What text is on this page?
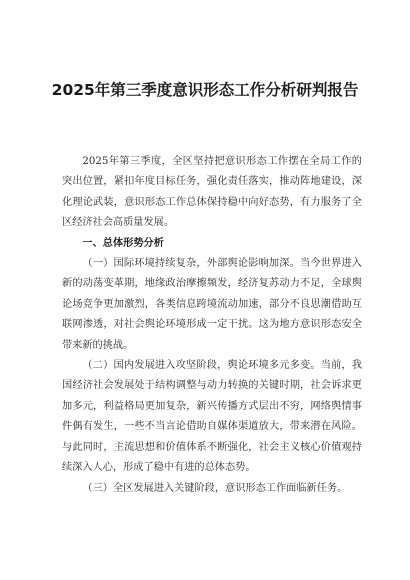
2025年第三季度意识形态工作分析研判报告

2025年第三季度，全区坚持把意识形态工作摆在全局工作的突出位置，紧扣年度目标任务，强化责任落实，推动阵地建设，深化理论武装，意识形态工作总体保持稳中向好态势，有力服务了全区经济社会高质量发展。

一、总体形势分析

（一）国际环境持续复杂，外部舆论影响加深。当今世界进入新的动荡变革期，地缘政治摩擦频发，经济复苏动力不足，全球舆论场竞争更加激烈，各类信息跨境流动加速，部分不良思潮借助互联网渗透，对社会舆论环境形成一定干扰。这为地方意识形态安全带来新的挑战。

（二）国内发展进入攻坚阶段，舆论环境多元多变。当前，我国经济社会发展处于结构调整与动力转换的关键时期，社会诉求更加多元，利益格局更加复杂，新兴传播方式层出不穷，网络舆情事件偶有发生，一些不当言论借助自媒体渠道放大，带来潜在风险。与此同时，主流思想和价值体系不断强化，社会主义核心价值观持续深入人心，形成了稳中有进的总体态势。

（三）全区发展进入关键阶段，意识形态工作面临新任务。
